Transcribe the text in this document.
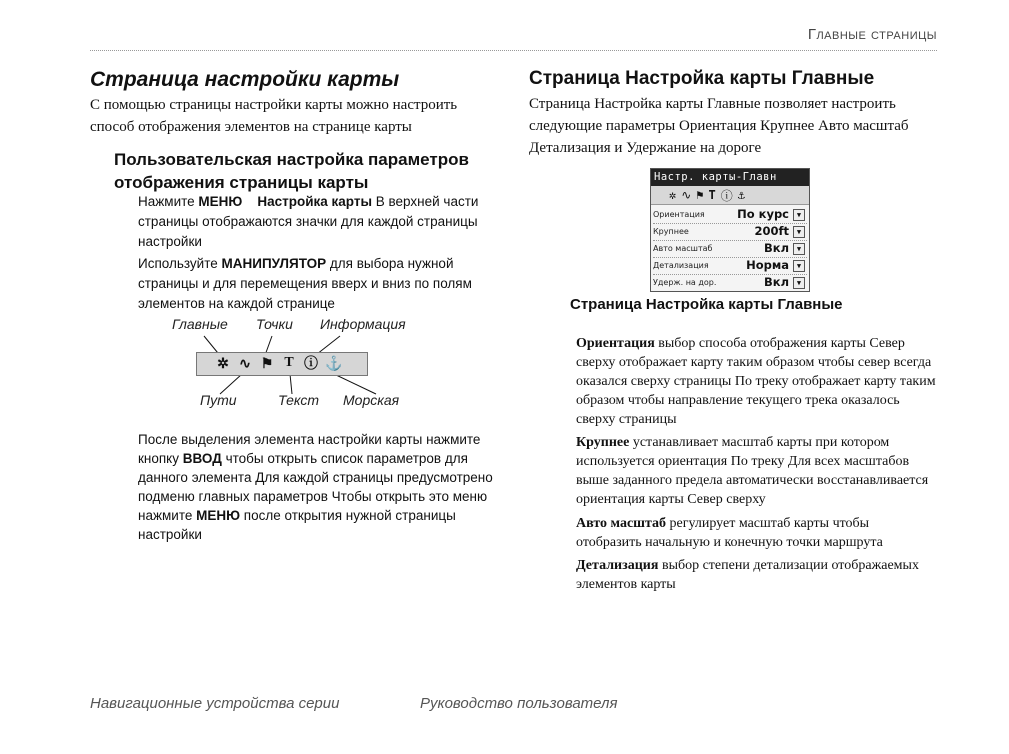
Главные страницы
Страница настройки карты
С помощью страницы настройки карты можно настроить способ отображения элементов на странице карты
Пользовательская настройка параметров отображения страницы карты
Нажмите МЕНЮ Настройка карты В верхней части страницы отображаются значки для каждой страницы настройки
Используйте МАНИПУЛЯТОР для выбора нужной страницы и для перемещения вверх и вниз по полям элементов на каждой странице
Главные Точки Информация
✲ ∿ ⚑ T ⓘ ⚓
Пути	Текст Морская
После выделения элемента настройки карты нажмите кнопку ВВОД чтобы открыть список параметров для данного элемента Для каждой страницы предусмотрено подменю главных параметров Чтобы открыть это меню нажмите МЕНЮ после открытия нужной страницы настройки
Страница Настройка карты Главные
Страница Настройка карты Главные позволяет настроить следующие параметры Ориентация Крупнее Авто масштаб Детализация и Удержание на дороге
Настр. карты-Главн
✲ ∿ ⚑ T ⓘ ⚓
Ориентация	По курс	▼
Крупнее	200ft	▼
Авто масштаб	Вкл	▼
Детализация	Норма	▼
Удерж. на дор.	Вкл	▼
Страница Настройка карты Главные
Ориентация выбор способа отображения карты Север сверху отображает карту таким образом чтобы север всегда оказался сверху страницы По треку отображает карту таким образом чтобы направление текущего трека оказалось сверху страницы
Крупнее устанавливает масштаб карты при котором используется ориентация По треку Для всех масштабов выше заданного предела автоматически восстанавливается ориентация карты Север сверху
Авто масштаб регулирует масштаб карты чтобы отобразить начальную и конечную точки маршрута
Детализация выбор степени детализации отображаемых элементов карты
Навигационные устройства серии	Руководство пользователя
